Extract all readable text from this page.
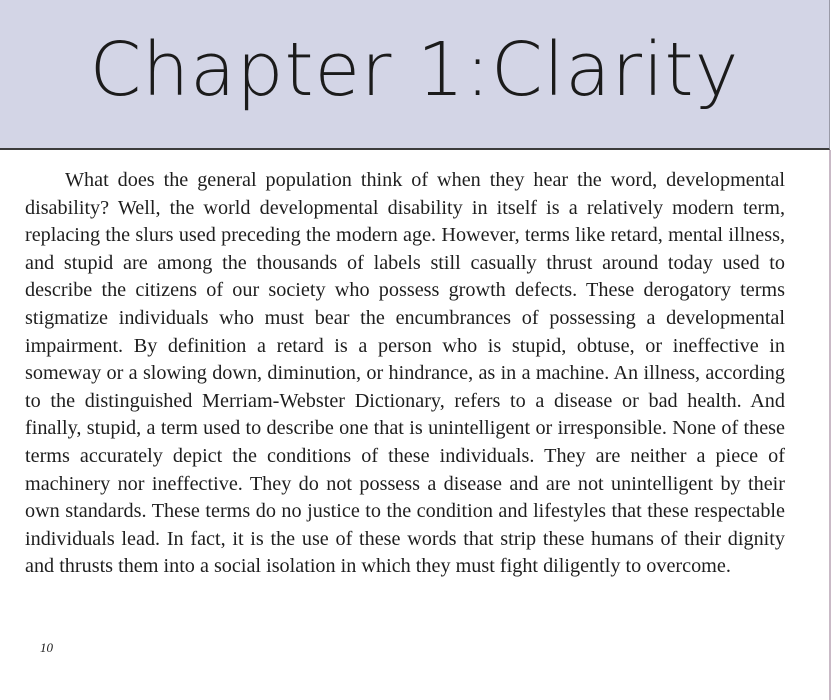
Chapter 1:Clarity

What does the general population think of when they hear the word, developmental disability? Well, the world developmental disability in itself is a relatively modern term, replacing the slurs used preceding the modern age. However, terms like retard, mental illness, and stupid are among the thousands of labels still casually thrust around today used to describe the citizens of our society who possess growth defects. These derogatory terms stigmatize individuals who must bear the encumbrances of possessing a developmental impairment. By definition a retard is a person who is stupid, obtuse, or ineffective in someway or a slowing down, diminution, or hindrance, as in a machine. An illness, according to the distinguished Merriam-Webster Dictionary, refers to a disease or bad health. And finally, stupid, a term used to describe one that is unintelligent or irresponsible. None of these terms accurately depict the conditions of these individuals. They are neither a piece of machinery nor ineffective. They do not possess a disease and are not unintelligent by their own standards. These terms do no justice to the condition and lifestyles that these respectable individuals lead. In fact, it is the use of these words that strip these humans of their dignity and thrusts them into a social isolation in which they must fight diligently to overcome.

10
